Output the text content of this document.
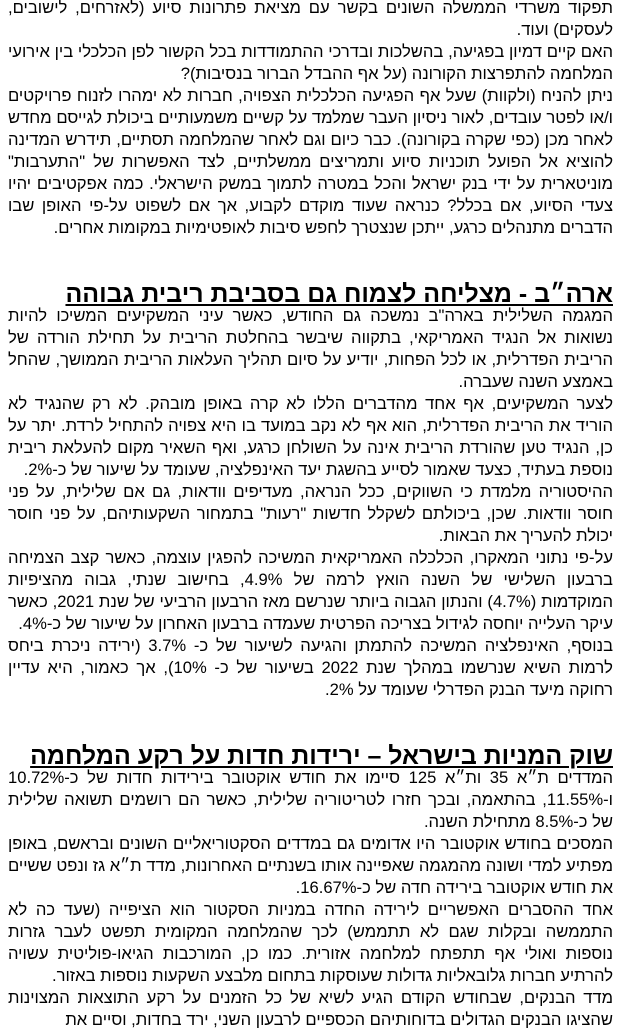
תפקוד משרדי הממשלה השונים בקשר עם מציאת פתרונות סיוע (לאזרחים, לישובים, לעסקים) ועוד.

האם קיים דמיון בפגיעה, בהשלכות ובדרכי ההתמודדות בכל הקשור לפן הכלכלי בין אירועי המלחמה להתפרצות הקורונה (על אף ההבדל הברור בנסיבות)?

ניתן להניח (ולקוות) שעל אף הפגיעה הכלכלית הצפויה, חברות לא ימהרו לזנוח פרויקטים ו/או לפטר עובדים, לאור ניסיון העבר שמלמד על קשיים משמעותיים ביכולת לגייסם מחדש לאחר מכן (כפי שקרה בקורונה). כבר כיום וגם לאחר שהמלחמה תסתיים, תידרש המדינה להוציא אל הפועל תוכניות סיוע ותמריצים ממשלתיים, לצד האפשרות של "התערבות" מוניטארית על ידי בנק ישראל והכל במטרה לתמוך במשק הישראלי. כמה אפקטיבים יהיו צעדי הסיוע, אם בכלל? כנראה שעוד מוקדם לקבוע, אך אם לשפוט על-פי האופן שבו הדברים מתנהלים כרגע, ייתכן שנצטרך לחפש סיבות לאופטימיות במקומות אחרים.

ארה״ב - מצליחה לצמוח גם בסביבת ריבית גבוהה

המגמה השלילית בארה"ב נמשכה גם החודש, כאשר עיני המשקיעים המשיכו להיות נשואות אל הנגיד האמריקאי, בתקווה שיבשר בהחלטת הריבית על תחילת הורדה של הריבית הפדרלית, או לכל הפחות, יודיע על סיום תהליך העלאות הריבית הממושך, שהחל באמצע השנה שעברה.

לצער המשקיעים, אף אחד מהדברים הללו לא קרה באופן מובהק. לא רק שהנגיד לא הוריד את הריבית הפדרלית, הוא אף לא נקב במועד בו היא צפויה להתחיל לרדת. יתר על כן, הנגיד טען שהורדת הריבית אינה על השולחן כרגע, ואף השאיר מקום להעלאת ריבית נוספת בעתיד, כצעד שאמור לסייע בהשגת יעד האינפלציה, שעומד על שיעור של כ-2%.

ההיסטוריה מלמדת כי השווקים, ככל הנראה, מעדיפים וודאות, גם אם שלילית, על פני חוסר וודאות. שכן, ביכולתם לשקלל חדשות "רעות" בתמחור השקעותיהם, על פני חוסר יכולת להעריך את הבאות.

על-פי נתוני המאקרו, הכלכלה האמריקאית המשיכה להפגין עוצמה, כאשר קצב הצמיחה ברבעון השלישי של השנה הואץ לרמה של 4.9%, בחישוב שנתי, גבוה מהציפיות המוקדמות (4.7%) והנתון הגבוה ביותר שנרשם מאז הרבעון הרביעי של שנת 2021, כאשר עיקר העלייה יוחסה לגידול בצריכה הפרטית שעמדה ברבעון האחרון על שיעור של כ-4%.

בנוסף, האינפלציה המשיכה להתמתן והגיעה לשיעור של כ- 3.7% (ירידה ניכרת ביחס לרמות השיא שנרשמו במהלך שנת 2022 בשיעור של כ- 10%), אך כאמור, היא עדיין רחוקה מיעד הבנק הפדרלי שעומד על 2%.

שוק המניות בישראל – ירידות חדות על רקע המלחמה

המדדים ת״א 35 ות״א 125 סיימו את חודש אוקטובר בירידות חדות של כ-10.72% ו-11.55%, בהתאמה, ובכך חזרו לטריטוריה שלילית, כאשר הם רושמים תשואה שלילית של כ-8.5% מתחילת השנה.

המסכים בחודש אוקטובר היו אדומים גם במדדים הסקטוריאליים השונים ובראשם, באופן מפתיע למדי ושונה מהמגמה שאפיינה אותו בשנתיים האחרונות, מדד ת״א גז ונפט ששיים את חודש אוקטובר בירידה חדה של כ-16.67%.

אחד ההסברים האפשריים לירידה החדה במניות הסקטור הוא הציפייה (שעד כה לא התממשה ובקלות שגם לא תתממש) לכך שהמלחמה המקומית תפשט לעבר גזרות נוספות ואולי אף תתפתח למלחמה אזורית. כמו כן, המורכבות הגיאו-פוליטית עשויה להרתיע חברות גלובאליות גדולות שעוסקות בתחום מלבצע השקעות נוספות באזור.

מדד הבנקים, שבחודש הקודם הגיע לשיא של כל הזמנים על רקע התוצאות המצוינות שהציגו הבנקים הגדולים בדוחותיהם הכספיים לרבעון השני, ירד בחדות, וסיים את
